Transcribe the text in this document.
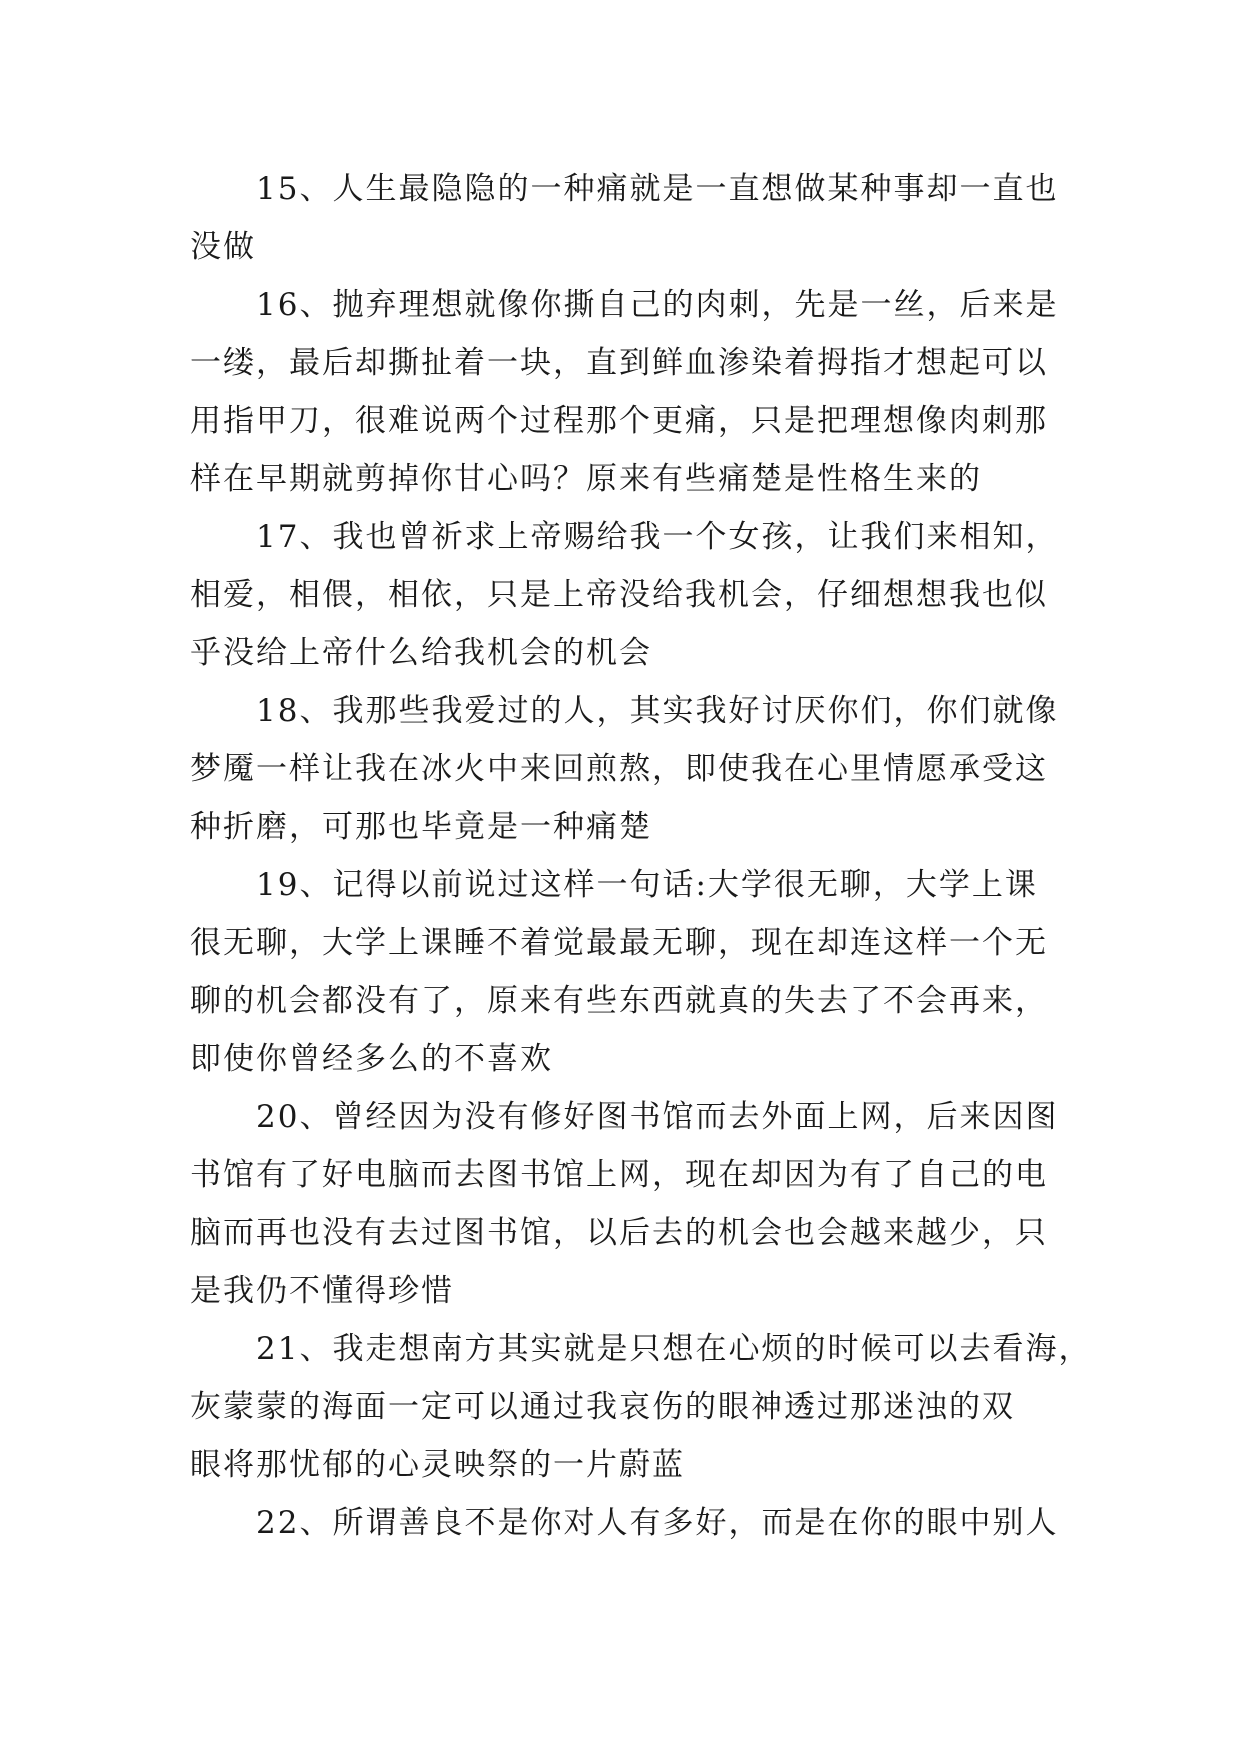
　　15、人生最隐隐的一种痛就是一直想做某种事却一直也
没做
　　16、抛弃理想就像你撕自己的肉刺，先是一丝，后来是
一缕，最后却撕扯着一块，直到鲜血渗染着拇指才想起可以
用指甲刀，很难说两个过程那个更痛，只是把理想像肉刺那
样在早期就剪掉你甘心吗？原来有些痛楚是性格生来的
　　17、我也曾祈求上帝赐给我一个女孩，让我们来相知，
相爱，相偎，相依，只是上帝没给我机会，仔细想想我也似
乎没给上帝什么给我机会的机会
　　18、我那些我爱过的人，其实我好讨厌你们，你们就像
梦魇一样让我在冰火中来回煎熬，即使我在心里情愿承受这
种折磨，可那也毕竟是一种痛楚
　　19、记得以前说过这样一句话:大学很无聊，大学上课
很无聊，大学上课睡不着觉最最无聊，现在却连这样一个无
聊的机会都没有了，原来有些东西就真的失去了不会再来，
即使你曾经多么的不喜欢
　　20、曾经因为没有修好图书馆而去外面上网，后来因图
书馆有了好电脑而去图书馆上网，现在却因为有了自己的电
脑而再也没有去过图书馆，以后去的机会也会越来越少，只
是我仍不懂得珍惜
　　21、我走想南方其实就是只想在心烦的时候可以去看海，
灰蒙蒙的海面一定可以通过我哀伤的眼神透过那迷浊的双
眼将那忧郁的心灵映祭的一片蔚蓝
　　22、所谓善良不是你对人有多好，而是在你的眼中别人
